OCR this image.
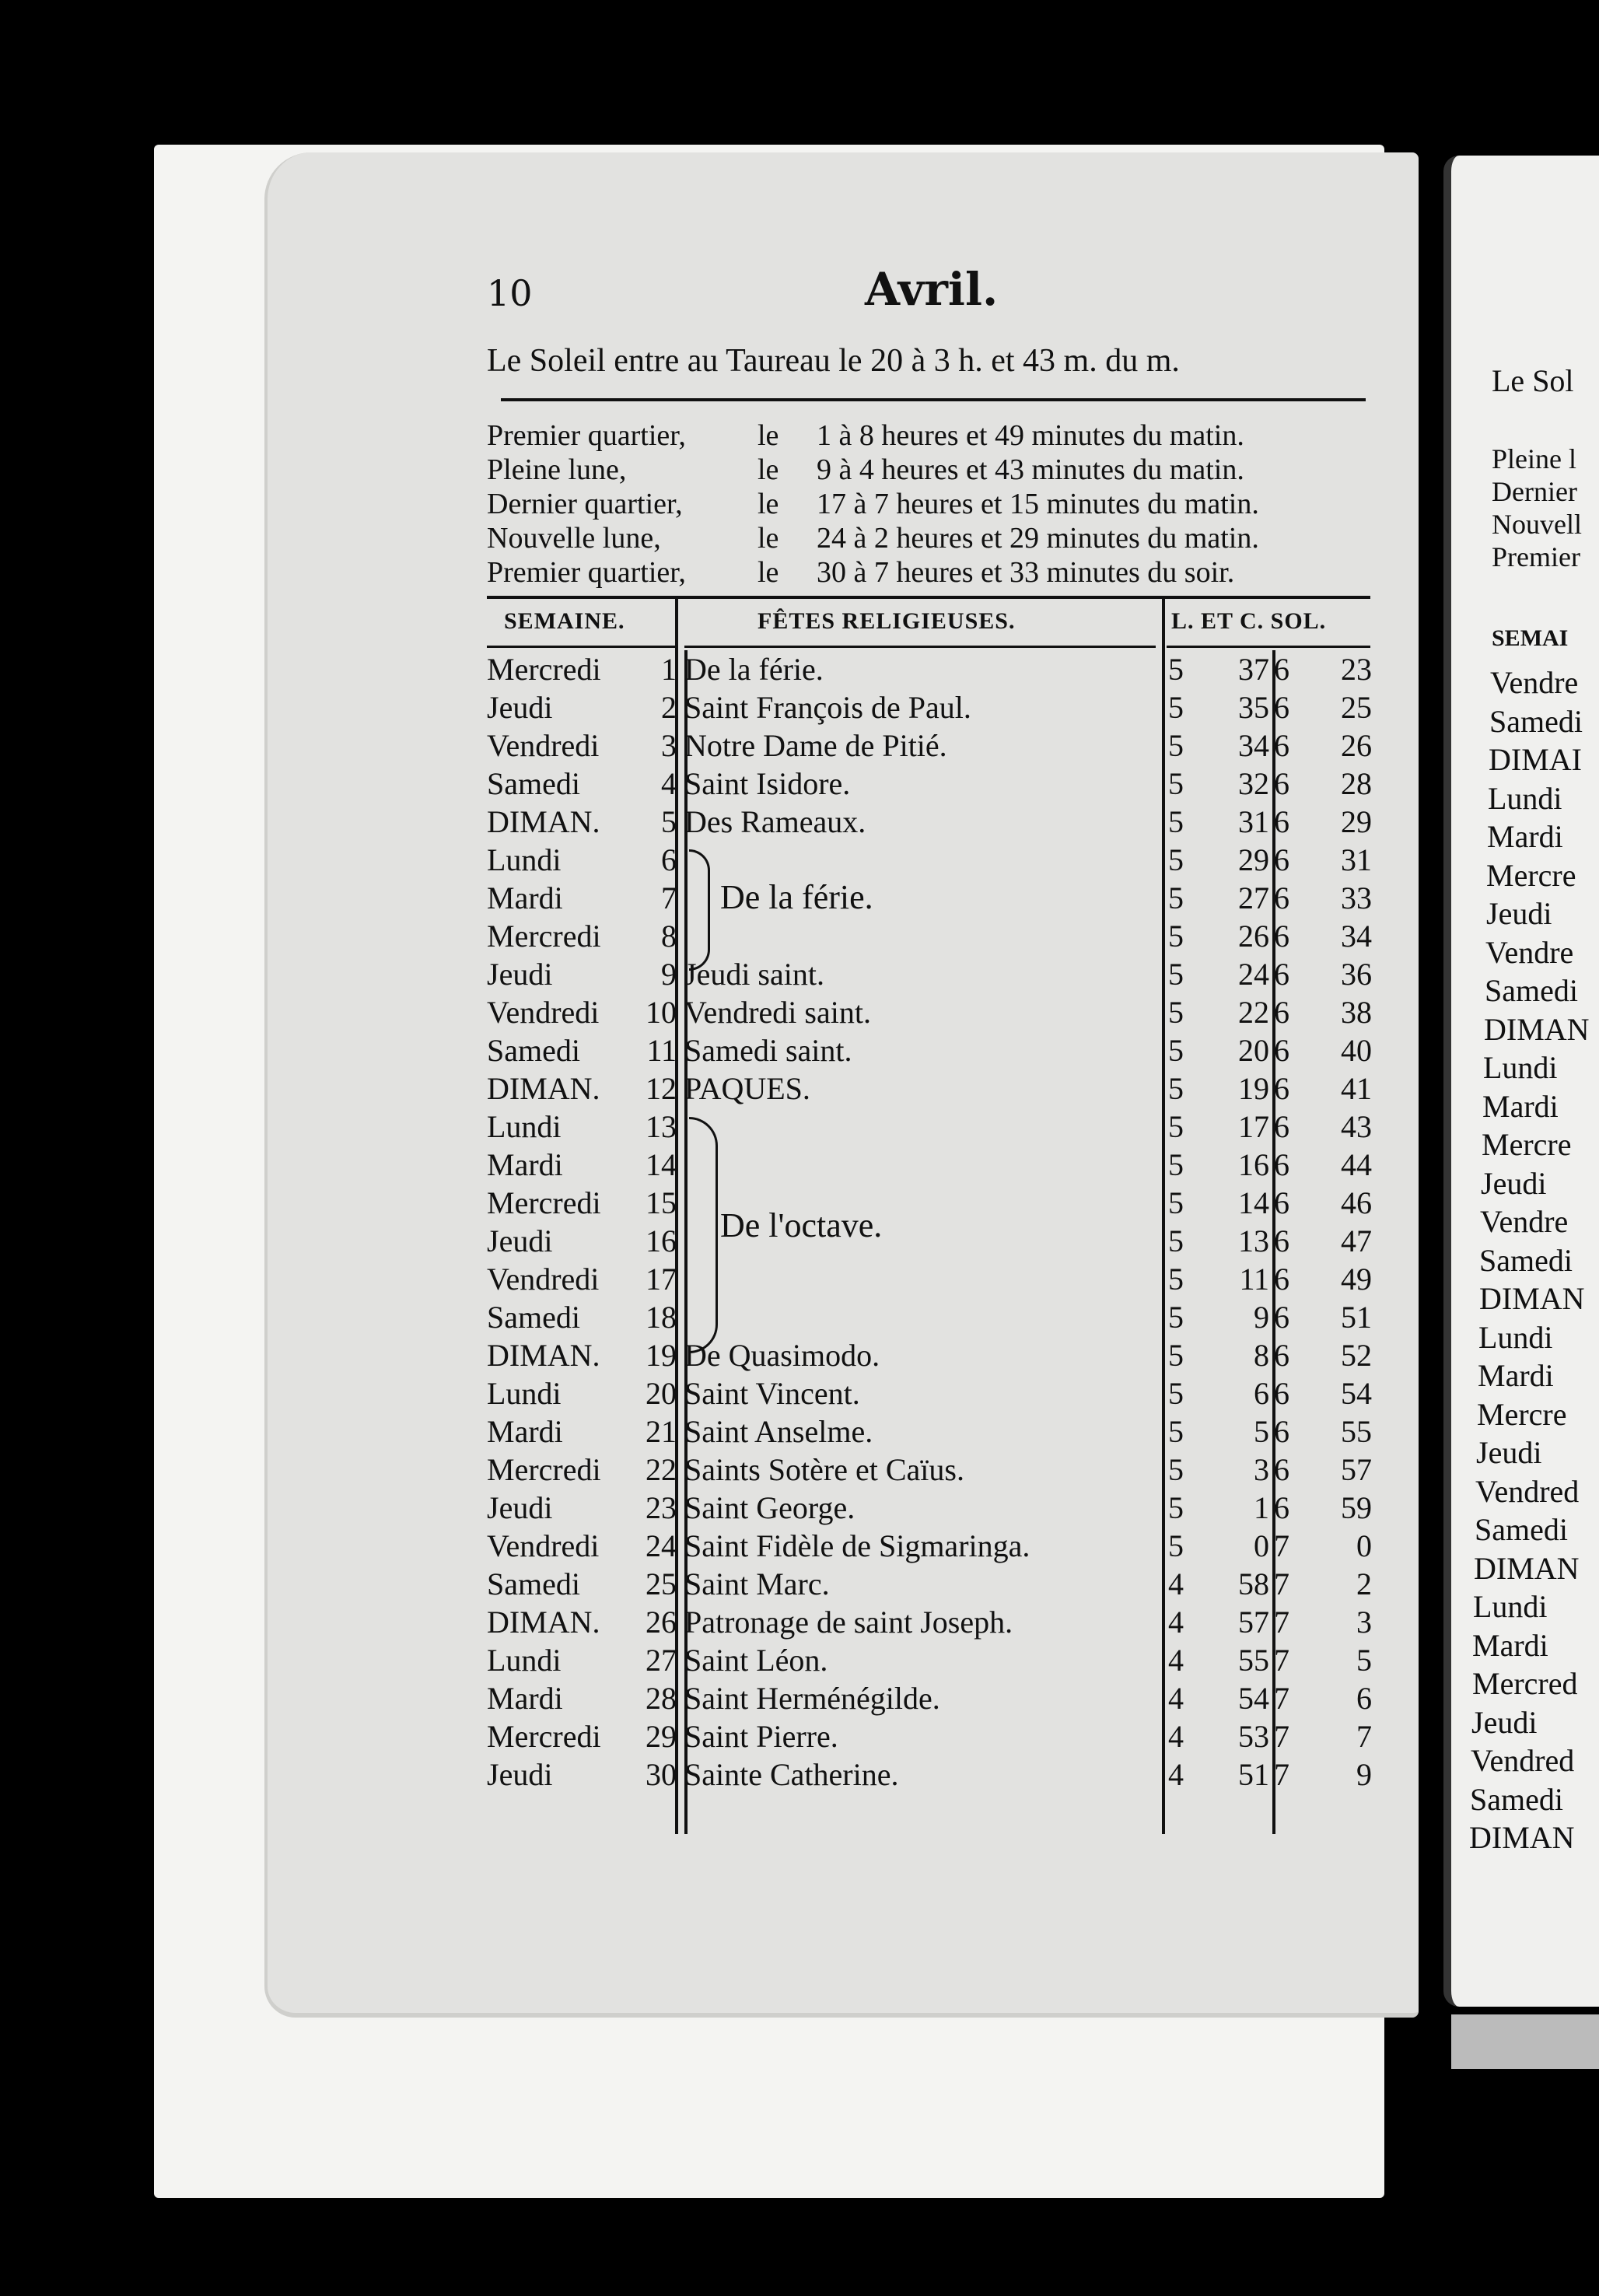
10	Avril.
Le Soleil entre au Taureau le 20 à 3 h. et 43 m. du m.
Premier quartier, le 1 à 8 heures et 49 minutes du matin.
Pleine lune,	le 9 à 4 heures et 43 minutes du matin.
Dernier quartier,	le 17 à 7 heures et 15 minutes du matin.
Nouvelle lune,	le 24 à 2 heures et 29 minutes du matin.
Premier quartier, le 30 à 7 heures et 33 minutes du soir.
SEMAINE.	FÊTES RELIGIEUSES.	L. ET C. SOL.
Mercredi	1 De la férie.	5	37 6	23
Jeudi	2 Saint François de Paul.	5	35 6	25
Vendredi	3 Notre Dame de Pitié.	5	34 6	26
Samedi	4 Saint Isidore.	5	32 6	28
DIMAN.	5 Des Rameaux.	5	31 6	29
Lundi	6	5	29 6	31
Mardi	7	5	27 6	33
Mercredi	8	5	26 6	34
Jeudi	9 Jeudi saint.	5	24 6	36
Vendredi	10 Vendredi saint.	5	22 6	38
Samedi	11 Samedi saint.	5	20 6	40
DIMAN.	12 PAQUES.	5	19 6	41
Lundi	13	5	17 6	43
Mardi	14	5	16 6	44
Mercredi	15	5	14 6	46
Jeudi	16	5	13 6	47
Vendredi	17	5	11 6	49
Samedi	18	5	9 6	51
DIMAN.	19 De Quasimodo.	5	8 6	52
Lundi	20 Saint Vincent.	5	6 6	54
Mardi	21 Saint Anselme.	5	5 6	55
Mercredi	22 Saints Sotère et Caïus.	5	3 6	57
Jeudi	23 Saint George.	5	1 6	59
Vendredi	24 Saint Fidèle de Sigmaringa.	5	0 7	0
Samedi	25 Saint Marc.	4	58 7	2
DIMAN.	26 Patronage de saint Joseph.	4	57 7	3
Lundi	27 Saint Léon.	4	55 7	5
Mardi	28 Saint Herménégilde.	4	54 7	6
Mercredi	29 Saint Pierre.	4	53 7	7
Jeudi	30 Sainte Catherine.	4	51 7	9
De la férie.
De l'octave.
Le Sol
Pleine l
Dernier
Nouvell
Premier
SEMAI
Vendre
Samedi
DIMAI
Lundi
Mardi
Mercre
Jeudi
Vendre
Samedi
DIMAN
Lundi
Mardi
Mercre
Jeudi
Vendre
Samedi
DIMAN
Lundi
Mardi
Mercre
Jeudi
Vendred
Samedi
DIMAN
Lundi
Mardi
Mercred
Jeudi
Vendred
Samedi
DIMAN
